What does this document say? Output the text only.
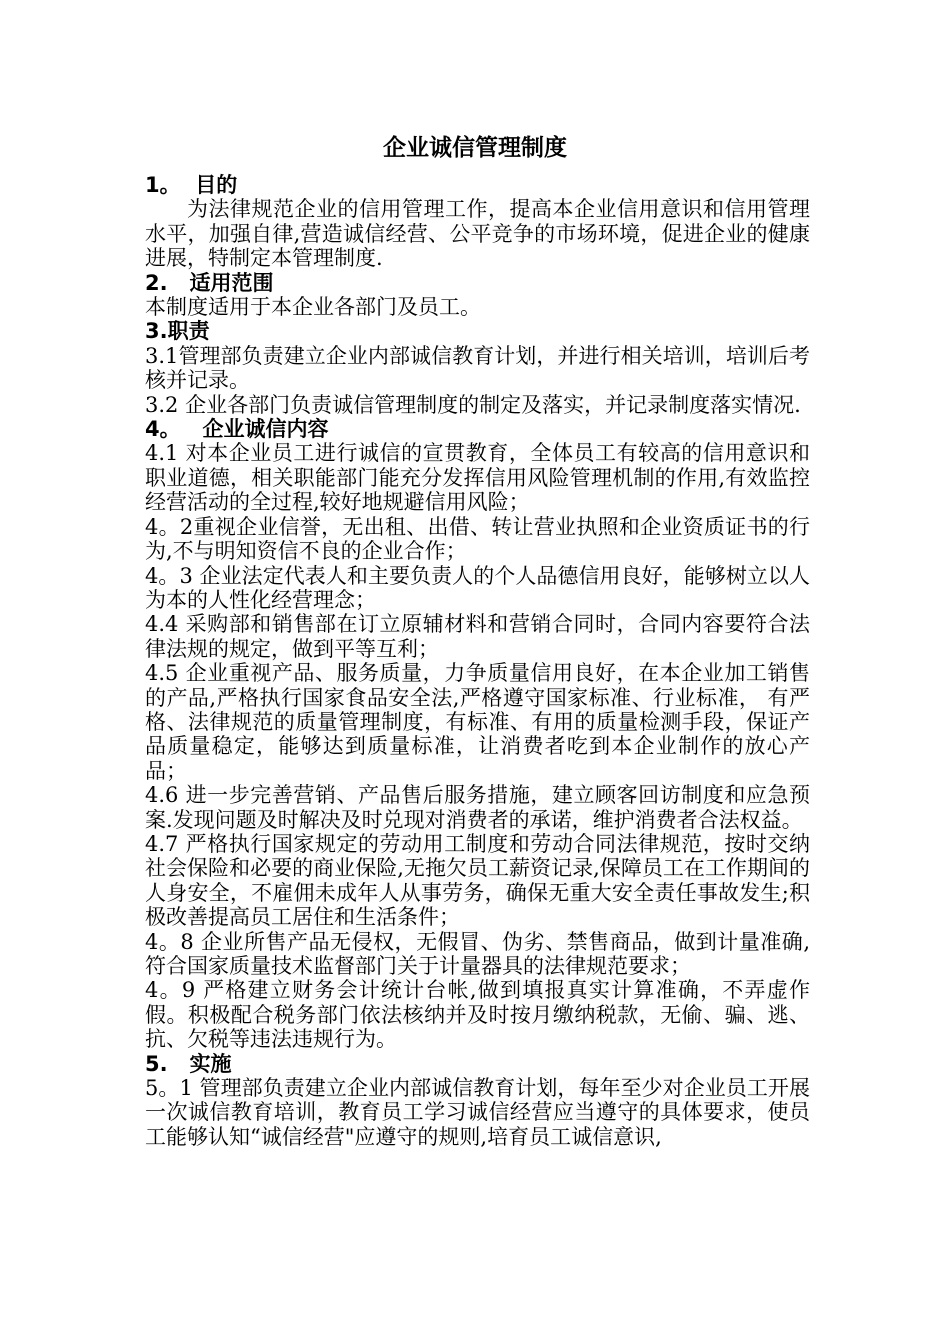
企业诚信管理制度
1。  目的
为法律规范企业的信用管理工作，提高本企业信用意识和信用管理水平，加强自律,营造诚信经营、公平竞争的市场环境，促进企业的健康进展，特制定本管理制度.
2.   适用范围
本制度适用于本企业各部门及员工。
3.职责
3.1管理部负责建立企业内部诚信教育计划，并进行相关培训，培训后考核并记录。
3.2 企业各部门负责诚信管理制度的制定及落实，并记录制度落实情况.
4。   企业诚信内容
4.1 对本企业员工进行诚信的宣贯教育，全体员工有较高的信用意识和职业道德，相关职能部门能充分发挥信用风险管理机制的作用,有效监控经营活动的全过程,较好地规避信用风险；
4。2重视企业信誉，无出租、出借、转让营业执照和企业资质证书的行为,不与明知资信不良的企业合作；
4。3 企业法定代表人和主要负责人的个人品德信用良好，能够树立以人为本的人性化经营理念；
4.4 采购部和销售部在订立原辅材料和营销合同时，合同内容要符合法律法规的规定，做到平等互利；
4.5 企业重视产品、服务质量，力争质量信用良好，在本企业加工销售的产品,严格执行国家食品安全法,严格遵守国家标准、行业标准， 有严格、法律规范的质量管理制度，有标准、有用的质量检测手段，保证产品质量稳定，能够达到质量标准，让消费者吃到本企业制作的放心产品；
4.6 进一步完善营销、产品售后服务措施，建立顾客回访制度和应急预案.发现问题及时解决及时兑现对消费者的承诺，维护消费者合法权益。
4.7 严格执行国家规定的劳动用工制度和劳动合同法律规范，按时交纳社会保险和必要的商业保险,无拖欠员工薪资记录,保障员工在工作期间的人身安全，不雇佣未成年人从事劳务，确保无重大安全责任事故发生;积极改善提高员工居住和生活条件；
4。8 企业所售产品无侵权，无假冒、伪劣、禁售商品，做到计量准确,符合国家质量技术监督部门关于计量器具的法律规范要求；
4。9 严格建立财务会计统计台帐,做到填报真实计算准确，不弄虚作假。积极配合税务部门依法核纳并及时按月缴纳税款，无偷、骗、逃、抗、欠税等违法违规行为。
5.   实施
5。1 管理部负责建立企业内部诚信教育计划，每年至少对企业员工开展一次诚信教育培训，教育员工学习诚信经营应当遵守的具体要求，使员工能够认知“诚信经营"应遵守的规则,培育员工诚信意识,
